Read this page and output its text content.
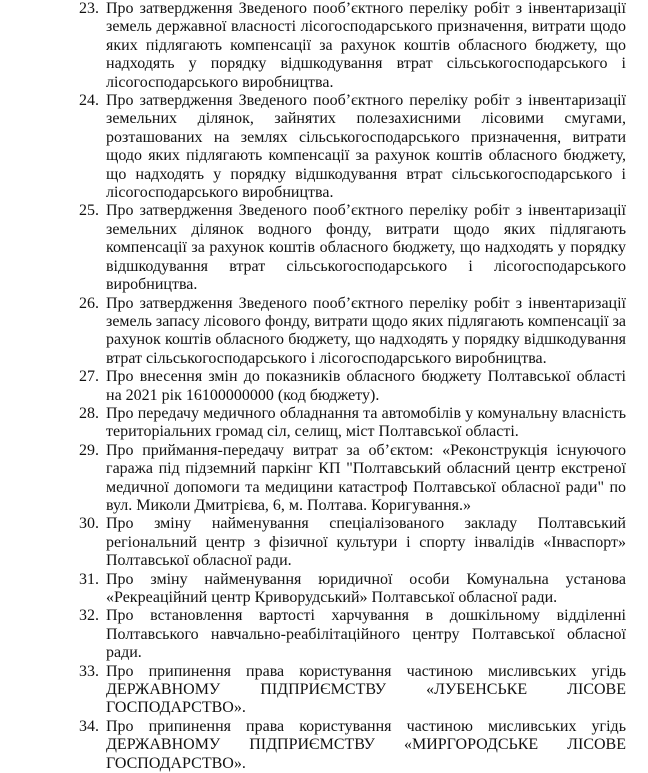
23. Про затвердження Зведеного пооб’єктного переліку робіт з інвентаризації земель державної власності лісогосподарського призначення, витрати щодо яких підлягають компенсації за рахунок коштів обласного бюджету, що надходять у порядку відшкодування втрат сільськогосподарського і лісогосподарського виробництва.
24. Про затвердження Зведеного пооб’єктного переліку робіт з інвентаризації земельних ділянок, зайнятих полезахисними лісовими смугами, розташованих на землях сільськогосподарського призначення, витрати щодо яких підлягають компенсації за рахунок коштів обласного бюджету, що надходять у порядку відшкодування втрат сільськогосподарського і лісогосподарського виробництва.
25. Про затвердження Зведеного пооб’єктного переліку робіт з інвентаризації земельних ділянок водного фонду, витрати щодо яких підлягають компенсації за рахунок коштів обласного бюджету, що надходять у порядку відшкодування втрат сільськогосподарського і лісогосподарського виробництва.
26. Про затвердження Зведеного пооб’єктного переліку робіт з інвентаризації земель запасу лісового фонду, витрати щодо яких підлягають компенсації за рахунок коштів обласного бюджету, що надходять у порядку відшкодування втрат сільськогосподарського і лісогосподарського виробництва.
27. Про внесення змін до показників обласного бюджету Полтавської області на 2021 рік 16100000000 (код бюджету).
28. Про передачу медичного обладнання та автомобілів у комунальну власність територіальних громад сіл, селищ, міст Полтавської області.
29. Про приймання-передачу витрат за об’єктом: «Реконструкція існуючого гаража під підземний паркінг КП "Полтавський обласний центр екстреної медичної допомоги та медицини катастроф Полтавської обласної ради" по вул. Миколи Дмитрієва, 6, м. Полтава. Коригування.»
30. Про зміну найменування спеціалізованого закладу Полтавський регіональний центр з фізичної культури і спорту інвалідів «Інваспорт» Полтавської обласної ради.
31. Про зміну найменування юридичної особи Комунальна установа «Рекреаційний центр Криворудський» Полтавської обласної ради.
32. Про встановлення вартості харчування в дошкільному відділенні Полтавського навчально-реабілітаційного центру Полтавської обласної ради.
33. Про припинення права користування частиною мисливських угідь ДЕРЖАВНОМУ ПІДПРИЄМСТВУ «ЛУБЕНСЬКЕ ЛІСОВЕ ГОСПОДАРСТВО».
34. Про припинення права користування частиною мисливських угідь ДЕРЖАВНОМУ ПІДПРИЄМСТВУ «МИРГОРОДСЬКЕ ЛІСОВЕ ГОСПОДАРСТВО».
